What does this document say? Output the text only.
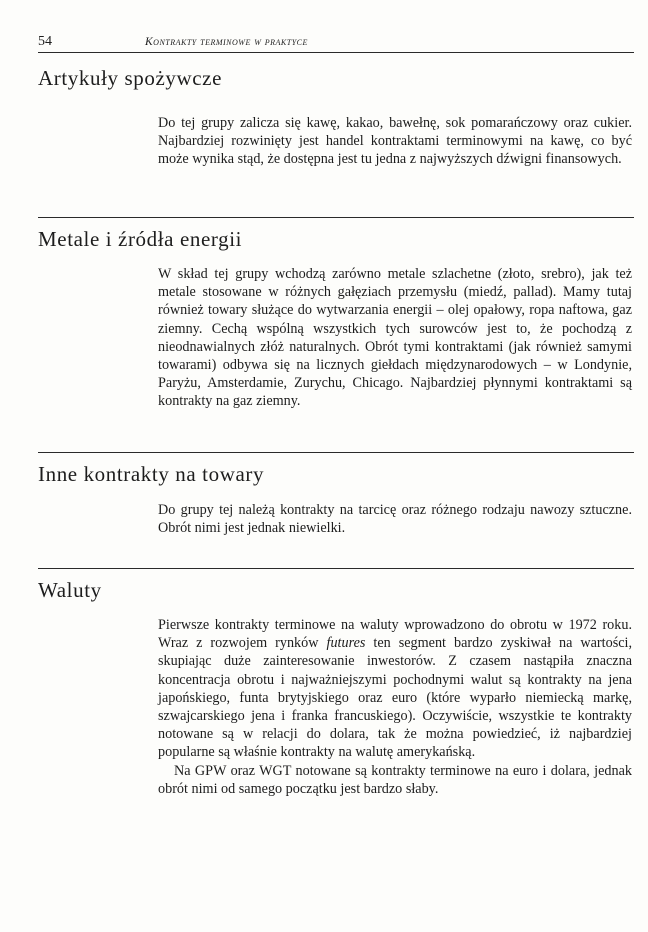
54	Kontrakty terminowe w praktyce
Artykuły spożywcze

Do tej grupy zalicza się kawę, kakao, bawełnę, sok pomarańczowy oraz cukier. Najbardziej rozwinięty jest handel kontraktami terminowymi na kawę, co być może wynika stąd, że dostępna jest tu jedna z najwyższych dźwigni finansowych.

Metale i źródła energii

W skład tej grupy wchodzą zarówno metale szlachetne (złoto, srebro), jak też metale stosowane w różnych gałęziach przemysłu (miedź, pallad). Mamy tutaj również towary służące do wytwarzania energii – olej opałowy, ropa naftowa, gaz ziemny. Cechą wspólną wszystkich tych surowców jest to, że pochodzą z nieodnawialnych złóż naturalnych. Obrót tymi kontraktami (jak również samymi towarami) odbywa się na licznych giełdach międzynarodowych – w Londynie, Paryżu, Amsterdamie, Zurychu, Chicago. Najbardziej płynnymi kontraktami są kontrakty na gaz ziemny.

Inne kontrakty na towary

Do grupy tej należą kontrakty na tarcicę oraz różnego rodzaju nawozy sztuczne. Obrót nimi jest jednak niewielki.

Waluty

Pierwsze kontrakty terminowe na waluty wprowadzono do obrotu w 1972 roku. Wraz z rozwojem rynków futures ten segment bardzo zyskiwał na wartości, skupiając duże zainteresowanie inwestorów. Z czasem nastąpiła znaczna koncentracja obrotu i najważniejszymi pochodnymi walut są kontrakty na jena japońskiego, funta brytyjskiego oraz euro (które wyparło niemiecką markę, szwajcarskiego jena i franka francuskiego). Oczywiście, wszystkie te kontrakty notowane są w relacji do dolara, tak że można powiedzieć, iż najbardziej popularne są właśnie kontrakty na walutę amerykańską.

Na GPW oraz WGT notowane są kontrakty terminowe na euro i dolara, jednak obrót nimi od samego początku jest bardzo słaby.
